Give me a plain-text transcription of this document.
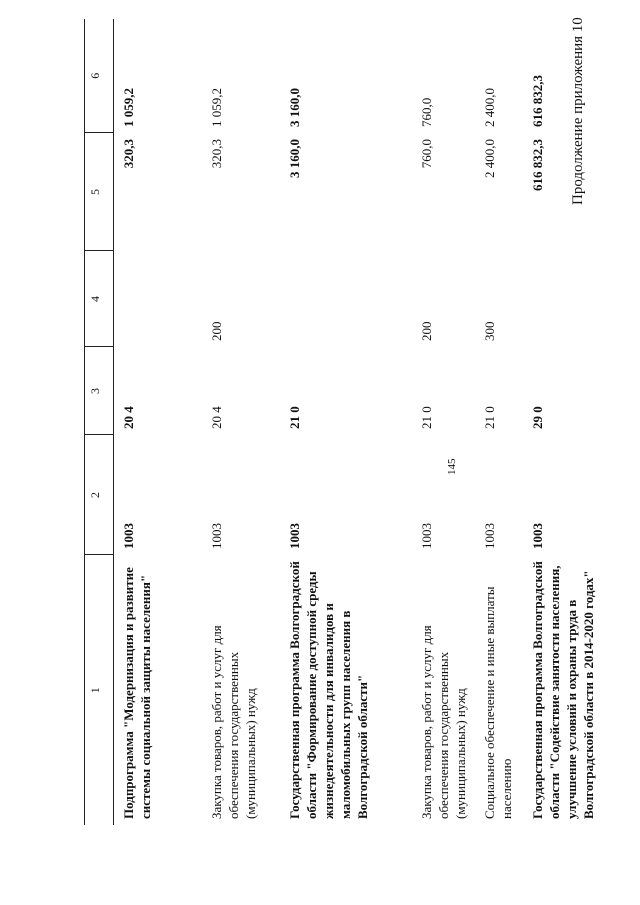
145
Продолжение приложения 10
1	2	3	4	5	6
Подпрограмма "Модернизация и развитие системы социальной защиты населения"	1003	20 4		320,3	1 059,2
Закупка товаров, работ и услуг для обеспечения государственных (муниципальных) нужд	1003	20 4	200	320,3	1 059,2
Государственная программа Волгоградской области "Формирование доступной среды жизнедеятельности для инвалидов и маломобильных групп населения в Волгоградской области"	1003	21 0		3 160,0	3 160,0
Закупка товаров, работ и услуг для обеспечения государственных (муниципальных) нужд	1003	21 0	200	760,0	760,0
Социальное обеспечение и иные выплаты населению	1003	21 0	300	2 400,0	2 400,0
Государственная программа Волгоградской области "Содействие занятости населения, улучшение условий и охраны труда в Волгоградской области в 2014-2020 годах"	1003	29 0		616 832,3	616 832,3
